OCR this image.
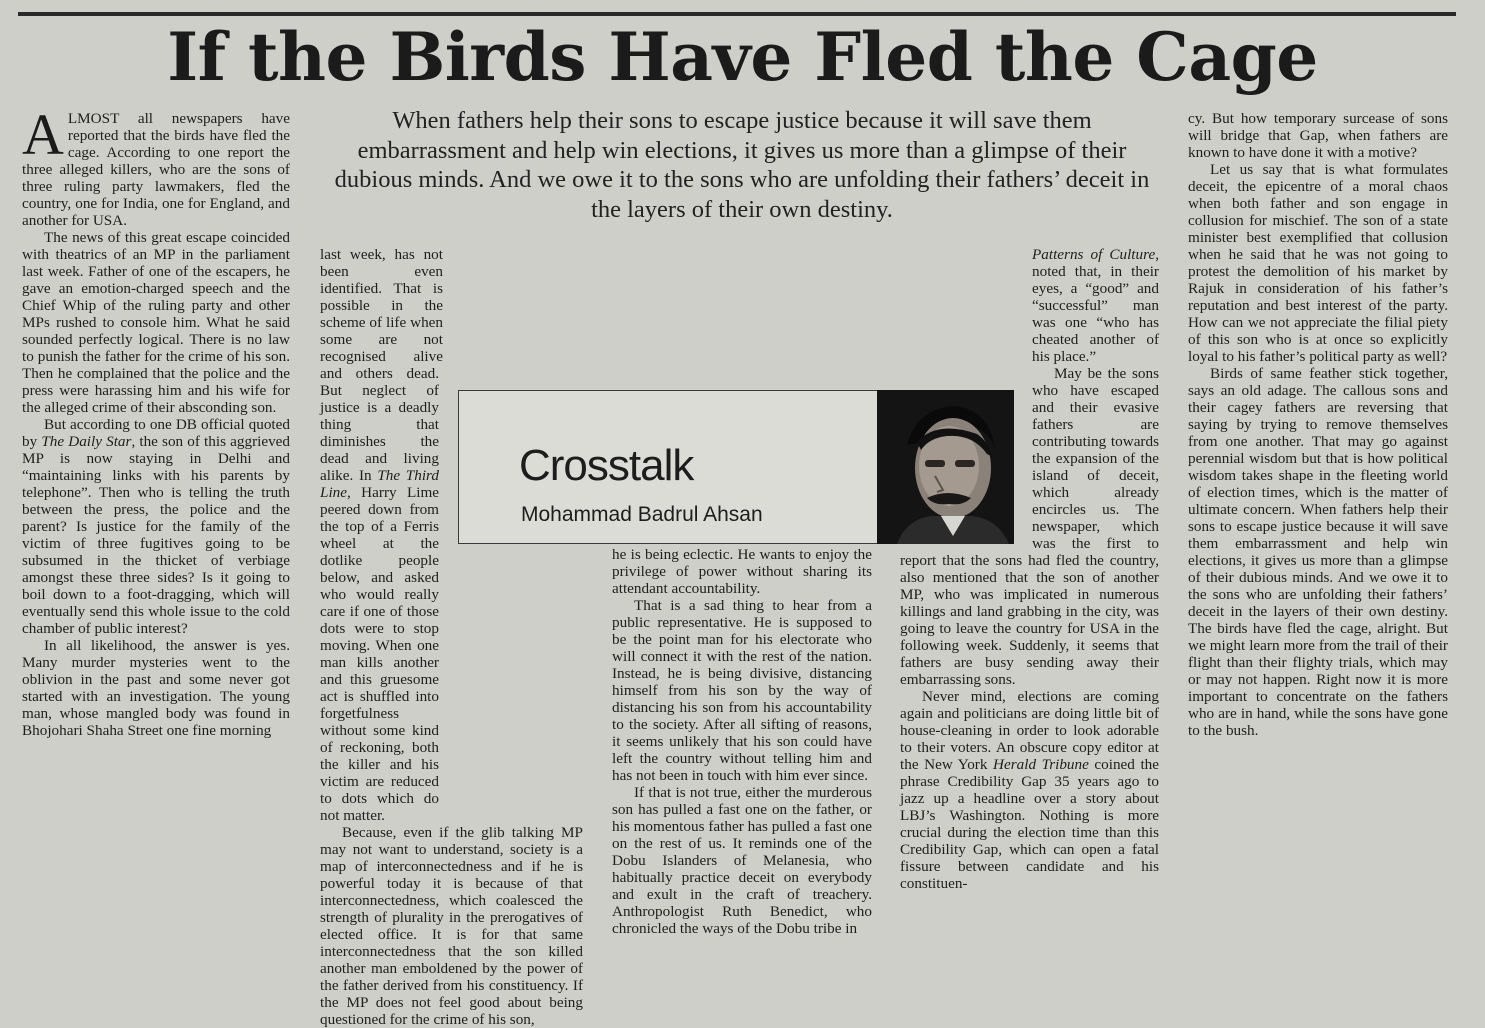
If the Birds Have Fled the Cage
When fathers help their sons to escape justice because it will save them embarrassment and help win elections, it gives us more than a glimpse of their dubious minds. And we owe it to the sons who are unfolding their fathers’ deceit in the layers of their own destiny.

ALMOST all newspapers have reported that the birds have fled the cage. According to one report the three alleged killers, who are the sons of three ruling party lawmakers, fled the country, one for India, one for England, and another for USA.

The news of this great escape coincided with theatrics of an MP in the parliament last week. Father of one of the escapers, he gave an emotion-charged speech and the Chief Whip of the ruling party and other MPs rushed to console him. What he said sounded perfectly logical. There is no law to punish the father for the crime of his son. Then he complained that the police and the press were harassing him and his wife for the alleged crime of their absconding son.

But according to one DB official quoted by The Daily Star, the son of this aggrieved MP is now staying in Delhi and “maintaining links with his parents by telephone”. Then who is telling the truth between the press, the police and the parent? Is justice for the family of the victim of three fugitives going to be subsumed in the thicket of verbiage amongst these three sides? Is it going to boil down to a foot-dragging, which will eventually send this whole issue to the cold chamber of public interest?

In all likelihood, the answer is yes. Many murder mysteries went to the oblivion in the past and some never got started with an investigation. The young man, whose mangled body was found in Bhojohari Shaha Street one fine morning

last week, has not been even identified. That is possible in the scheme of life when some are not recognised alive and others dead. But neglect of justice is a deadly thing that diminishes the dead and living alike. In The Third Line, Harry Lime peered down from the top of a Ferris wheel at the dotlike people below, and asked who would really care if one of those dots were to stop moving. When one man kills another and this gruesome act is shuffled into forgetfulness without some kind of reckoning, both the killer and his victim are reduced to dots which do not matter.

Because, even if the glib talking MP may not want to understand, society is a map of interconnectedness and if he is powerful today it is because of that interconnectedness, which coalesced the strength of plurality in the prerogatives of elected office. It is for that same interconnectedness that the son killed another man emboldened by the power of the father derived from his constituency. If the MP does not feel good about being questioned for the crime of his son,

he is being eclectic. He wants to enjoy the privilege of power without sharing its attendant accountability.

That is a sad thing to hear from a public representative. He is supposed to be the point man for his electorate who will connect it with the rest of the nation. Instead, he is being divisive, distancing himself from his son by the way of distancing his son from his accountability to the society. After all sifting of reasons, it seems unlikely that his son could have left the country without telling him and has not been in touch with him ever since.

If that is not true, either the murderous son has pulled a fast one on the father, or his momentous father has pulled a fast one on the rest of us. It reminds one of the Dobu Islanders of Melanesia, who habitually practice deceit on everybody and exult in the craft of treachery. Anthropologist Ruth Benedict, who chronicled the ways of the Dobu tribe in

Patterns of Culture, noted that, in their eyes, a “good” and “successful” man was one “who has cheated another of his place.”

May be the sons who have escaped and their evasive fathers are contributing towards the expansion of the island of deceit, which already encircles us. The newspaper, which was the first to report that the sons had fled the country, also mentioned that the son of another MP, who was implicated in numerous killings and land grabbing in the city, was going to leave the country for USA in the following week. Suddenly, it seems that fathers are busy sending away their embarrassing sons.

Never mind, elections are coming again and politicians are doing little bit of house-cleaning in order to look adorable to their voters. An obscure copy editor at the New York Herald Tribune coined the phrase Credibility Gap 35 years ago to jazz up a headline over a story about LBJ’s Washington. Nothing is more crucial during the election time than this Credibility Gap, which can open a fatal fissure between candidate and his constituen-

cy. But how temporary surcease of sons will bridge that Gap, when fathers are known to have done it with a motive?

Let us say that is what formulates deceit, the epicentre of a moral chaos when both father and son engage in collusion for mischief. The son of a state minister best exemplified that collusion when he said that he was not going to protest the demolition of his market by Rajuk in consideration of his father’s reputation and best interest of the party. How can we not appreciate the filial piety of this son who is at once so explicitly loyal to his father’s political party as well?

Birds of same feather stick together, says an old adage. The callous sons and their cagey fathers are reversing that saying by trying to remove themselves from one another. That may go against perennial wisdom but that is how political wisdom takes shape in the fleeting world of election times, which is the matter of ultimate concern. When fathers help their sons to escape justice because it will save them embarrassment and help win elections, it gives us more than a glimpse of their dubious minds. And we owe it to the sons who are unfolding their fathers’ deceit in the layers of their own destiny. The birds have fled the cage, alright. But we might learn more from the trail of their flight than their flighty trials, which may or may not happen. Right now it is more important to concentrate on the fathers who are in hand, while the sons have gone to the bush.

Crosstalk
Mohammad Badrul Ahsan
